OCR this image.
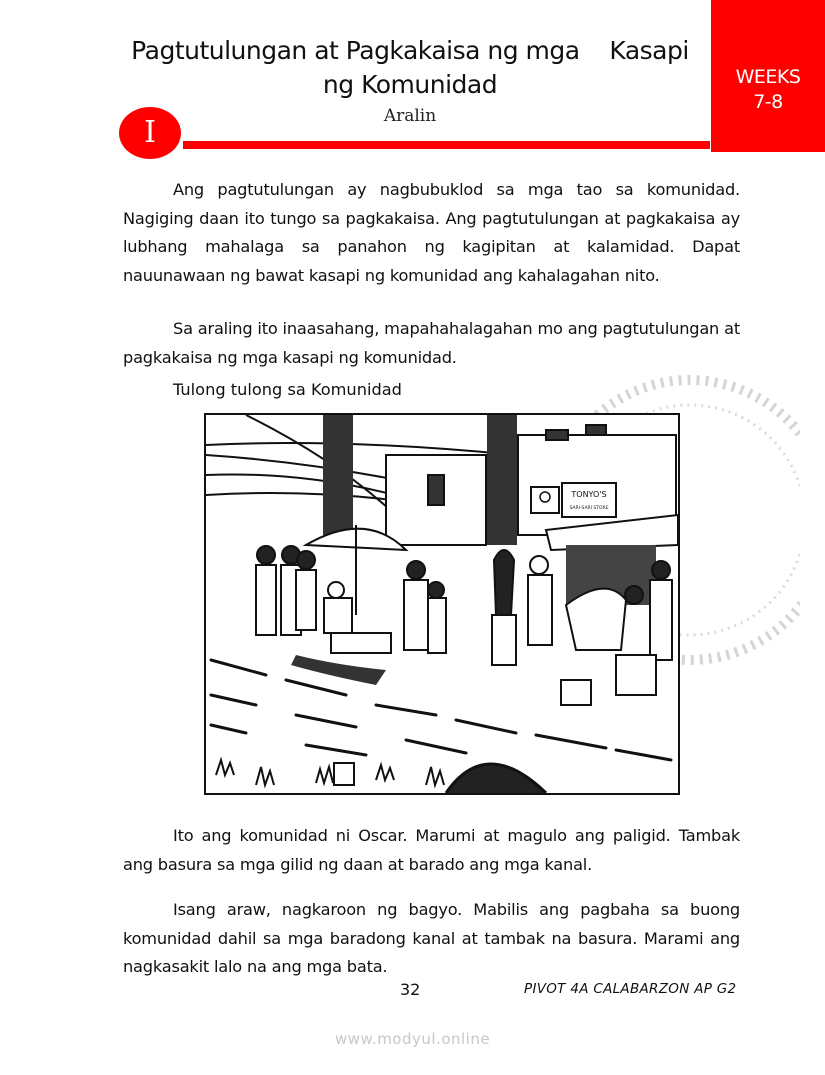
Pagtutulungan at Pagkakaisa ng mga    Kasapi
ng Komunidad
Aralin
I
WEEKS
7-8
Ang pagtutulungan ay nagbubuklod sa mga tao sa komunidad. Nagiging daan ito tungo sa pagkakaisa. Ang pagtutulungan at pagkakaisa ay lubhang mahalaga sa panahon ng kagipitan at kalamidad. Dapat nauunawaan ng bawat kasapi ng komunidad ang kahalagahan nito.
Sa araling ito inaasahang, mapahahalagahan mo ang pagtutulungan at pagkakaisa ng mga kasapi ng komunidad.
Tulong tulong sa Komunidad
TONYO'S
SARI-SARI STORE
Ito ang komunidad ni Oscar. Marumi at magulo ang paligid. Tambak ang basura sa mga gilid ng daan at barado ang mga kanal.
Isang araw, nagkaroon ng bagyo. Mabilis ang pagbaha sa buong komunidad dahil sa mga baradong kanal at tambak na basura. Marami ang nagkasakit lalo na ang mga bata.
32	PIVOT 4A CALABARZON AP G2
www.modyul.online
